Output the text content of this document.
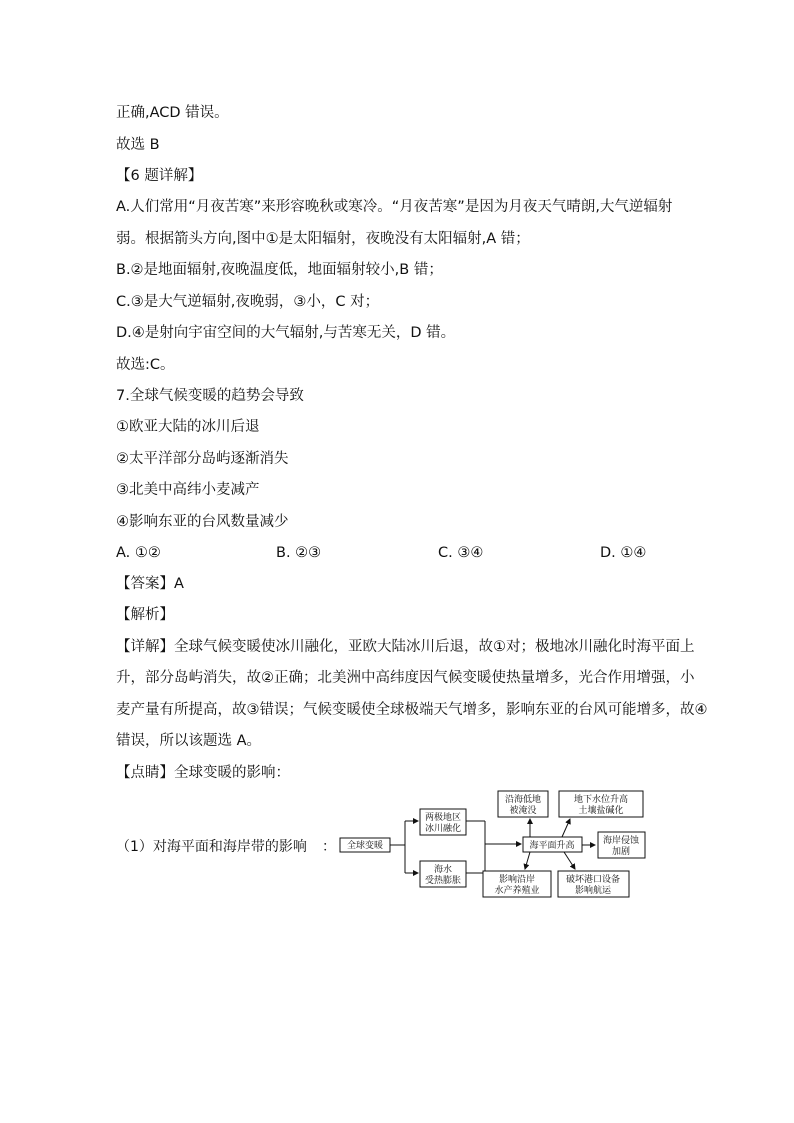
正确,ACD 错误。
故选 B
【6 题详解】
A.人们常用“月夜苦寒”来形容晚秋或寒冷。“月夜苦寒”是因为月夜天气晴朗,大气逆辐射
弱。根据箭头方向,图中①是太阳辐射，夜晚没有太阳辐射,A 错；
B.②是地面辐射,夜晚温度低，地面辐射较小,B 错；
C.③是大气逆辐射,夜晚弱，③小，C 对；
D.④是射向宇宙空间的大气辐射,与苦寒无关，D 错。
故选:C。
7.全球气候变暖的趋势会导致
①欧亚大陆的冰川后退
②太平洋部分岛屿逐渐消失
③北美中高纬小麦减产
④影响东亚的台风数量减少
A. ①②	B. ②③	C. ③④	D. ①④
【答案】A
【解析】
【详解】全球气候变暖使冰川融化，亚欧大陆冰川后退，故①对；极地冰川融化时海平面上
升，部分岛屿消失，故②正确；北美洲中高纬度因气候变暖使热量增多，光合作用增强，小
麦产量有所提高，故③错误；气候变暖使全球极端天气增多，影响东亚的台风可能增多，故④
错误，所以该题选 A。
【点睛】全球变暖的影响：
（1）对海平面和海岸带的影响 ： 全球变暖
两极地区
冰川融化
海水
受热膨胀
海平面升高
沿海低地
被淹没
地下水位升高
土壤盐碱化
海岸侵蚀
加剧
影响沿岸
水产养殖业
破坏港口设备
影响航运
